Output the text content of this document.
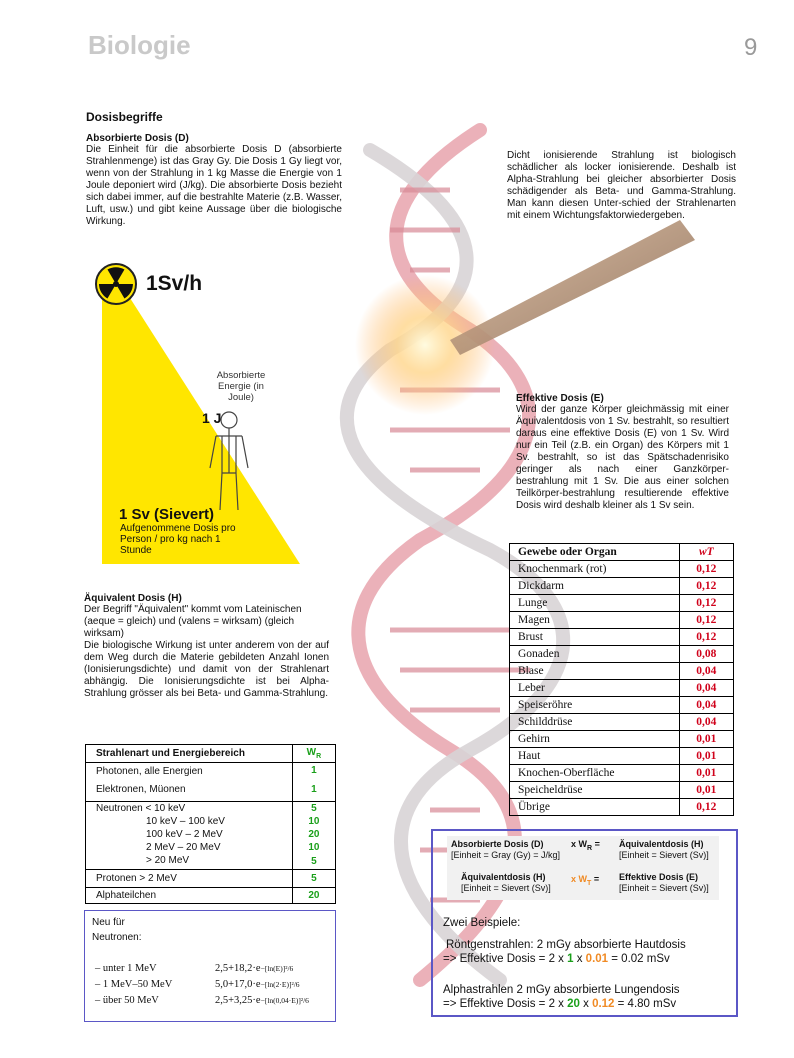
Biologie	9
Dosisbegriffe
Absorbierte Dosis (D)
Die Einheit für die absorbierte Dosis D (absorbierte Strahlenmenge) ist das Gray Gy. Die Dosis 1 Gy liegt vor, wenn von der Strahlung in 1 kg Masse die Energie von 1 Joule deponiert wird (J/kg). Die absorbierte Dosis bezieht sich dabei immer, auf die bestrahlte Materie (z.B. Wasser, Luft, usw.) und gibt keine Aussage über die biologische Wirkung.
Dicht ionisierende Strahlung ist biologisch schädlicher als locker ionisierende. Deshalb ist Alpha-Strahlung bei gleicher absorbierter Dosis schädigender als Beta- und Gamma-Strahlung. Man kann diesen Unter-schied der Strahlenarten mit einem Wichtungsfaktorwiedergeben.
1Sv/h
Absorbierte Energie (in Joule)
1 J
1 Sv (Sievert)
Aufgenommene Dosis pro Person / pro kg nach 1 Stunde
Äquivalent Dosis (H)
Der Begriff "Äquivalent" kommt vom Lateinischen (aeque = gleich) und (valens = wirksam) (gleich wirksam)
Die biologische Wirkung ist unter anderem von der auf dem Weg durch die Materie gebildeten Anzahl Ionen (Ionisierungsdichte) und damit von der Strahlenart abhängig. Die Ionisierungsdichte ist bei Alpha-Strahlung grösser als bei Beta- und Gamma-Strahlung.
Effektive Dosis (E)
Wird der ganze Körper gleichmässig mit einer Äquivalentdosis von 1 Sv. bestrahlt, so resultiert daraus eine effektive Dosis (E) von 1 Sv. Wird nur ein Teil (z.B. ein Organ) des Körpers mit 1 Sv. bestrahlt, so ist das Spätschadenrisiko geringer als nach einer Ganzkörper- bestrahlung mit 1 Sv. Die aus einer solchen Teilkörper-bestrahlung resultierende effektive Dosis wird deshalb kleiner als 1 Sv sein.
Gewebe oder Organ	wT
Knochenmark (rot)	0,12
Dickdarm	0,12
Lunge	0,12
Magen	0,12
Brust	0,12
Gonaden	0,08
Blase	0,04
Leber	0,04
Speiseröhre	0,04
Schilddrüse	0,04
Gehirn	0,01
Haut	0,01
Knochen-Oberfläche	0,01
Speicheldrüse	0,01
Übrige	0,12
Strahlenart und Energiebereich	$W_R$
Photonen, alle Energien	1
Elektronen, Müonen	1
Neutronen < 10 keV	5
10 keV – 100 keV	10
100 keV – 2 MeV	20
2 MeV – 20 MeV	10
> 20 MeV	5
Protonen > 2 MeV	5
Alphateilchen	20
Neu für
Neutronen:
– unter 1 MeV	2,5+18,2·e −[ln(E)]²/6
– 1 MeV–50 MeV	5,0+17,0·e −[ln(2·E)]²/6
– über 50 MeV	2,5+3,25·e −[ln(0,04·E)]²/6
Absorbierte Dosis (D)
[Einheit = Gray (Gy) = J/kg]
x $W_R$ = Äquivalentdosis (H)
[Einheit = Sievert (Sv)]
Äquivalentdosis (H)
[Einheit = Sievert (Sv)]
x $W_T$ = Effektive Dosis (E)
[Einheit = Sievert (Sv)]
Zwei Beispiele:
Röntgenstrahlen: 2 mGy absorbierte Hautdosis
=> Effektive Dosis = 2 x 1 x 0.01 = 0.02 mSv
Alphastrahlen 2 mGy absorbierte Lungendosis
=> Effektive Dosis = 2 x 20 x 0.12 = 4.80 mSv
